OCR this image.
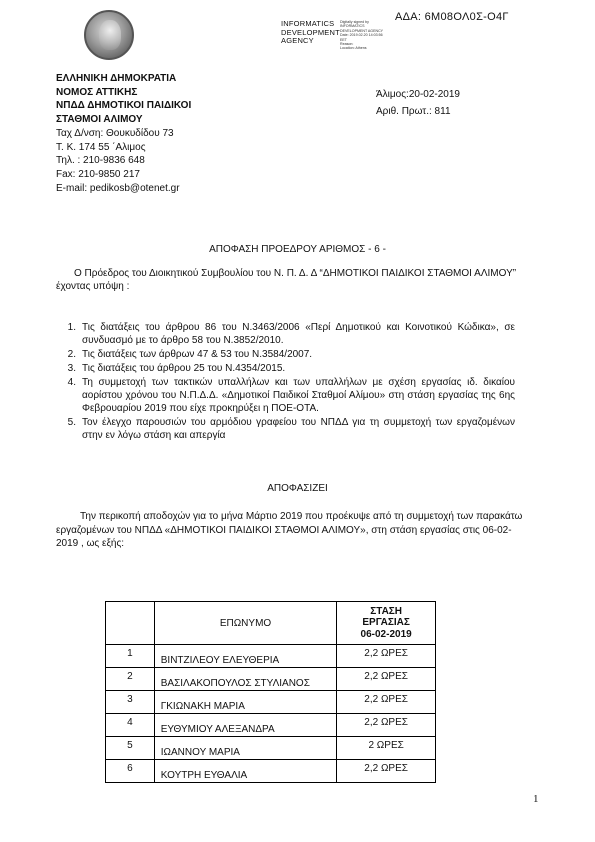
ΑΔΑ: 6Μ08ΟΛ0Σ-Ο4Γ
INFORMATICS
DEVELOPMENT
AGENCY
Digitally signed by
INFORMATICS
DEVELOPMENT AGENCY
Date: 2019.02.20 14:03:56
EET
Reason:
Location: Athens
ΕΛΛΗΝΙΚΗ ΔΗΜΟΚΡΑΤΙΑ
ΝΟΜΟΣ ΑΤΤΙΚΗΣ
ΝΠΔΔ ΔΗΜΟΤΙΚΟΙ ΠΑΙΔΙΚΟΙ
ΣΤΑΘΜΟΙ ΑΛΙΜΟΥ
Ταχ Δ/νση: Θουκυδίδου 73
Τ. Κ. 174 55 ΄Αλιμος
Τηλ. : 210-9836 648
Fax: 210-9850 217
E-mail: pedikosb@otenet.gr
Άλιμος:20-02-2019
Αριθ. Πρωτ.: 811
ΑΠΟΦΑΣΗ ΠΡΟΕΔΡΟΥ ΑΡΙΘΜΟΣ - 6 -
Ο Πρόεδρος του Διοικητικού Συμβουλίου του Ν. Π. Δ. Δ “ΔΗΜΟΤΙΚΟΙ ΠΑΙΔΙΚΟΙ ΣΤΑΘΜΟΙ ΑΛΙΜΟΥ” έχοντας υπόψη :
1. Τις διατάξεις του άρθρου 86 του Ν.3463/2006 «Περί Δημοτικού και Κοινοτικού Κώδικα», σε συνδυασμό με το άρθρο 58 του Ν.3852/2010.
2. Τις διατάξεις των άρθρων 47 & 53 του Ν.3584/2007.
3. Τις διατάξεις του άρθρου 25 του Ν.4354/2015.
4. Τη συμμετοχή των τακτικών υπαλλήλων και των υπαλλήλων με σχέση εργασίας ιδ. δικαίου αορίστου χρόνου του Ν.Π.Δ.Δ. «Δημοτικοί Παιδικοί Σταθμοί Αλίμου» στη στάση εργασίας της 6ης Φεβρουαρίου 2019 που είχε προκηρύξει η ΠΟΕ-ΟΤΑ.
5. Τον έλεγχο παρουσιών του αρμόδιου γραφείου του ΝΠΔΔ για τη συμμετοχή των εργαζομένων στην εν λόγω στάση και απεργία
ΑΠΟΦΑΣΙΖΕΙ
Την περικοπή αποδοχών για το μήνα Μάρτιο 2019 που προέκυψε από τη συμμετοχή των παρακάτω εργαζομένων του ΝΠΔΔ «ΔΗΜΟΤΙΚΟΙ ΠΑΙΔΙΚΟΙ ΣΤΑΘΜΟΙ ΑΛΙΜΟΥ», στη στάση εργασίας στις 06-02-2019 , ως εξής:
	ΕΠΩΝΥΜΟ	ΣΤΑΣΗ
ΕΡΓΑΣΙΑΣ
06-02-2019

1	ΒΙΝΤΖΙΛΕΟΥ ΕΛΕΥΘΕΡΙΑ	2,2 ΩΡΕΣ
2	ΒΑΣΙΛΑΚΟΠΟΥΛΟΣ ΣΤΥΛΙΑΝΟΣ	2,2 ΩΡΕΣ
3	ΓΚΙΩΝΑΚΗ ΜΑΡΙΑ	2,2 ΩΡΕΣ
4	ΕΥΘΥΜΙΟΥ ΑΛΕΞΑΝΔΡΑ	2,2 ΩΡΕΣ
5	ΙΩΑΝΝΟΥ ΜΑΡΙΑ	2 ΩΡΕΣ
6	ΚΟΥΤΡΗ ΕΥΘΑΛΙΑ	2,2 ΩΡΕΣ
1
